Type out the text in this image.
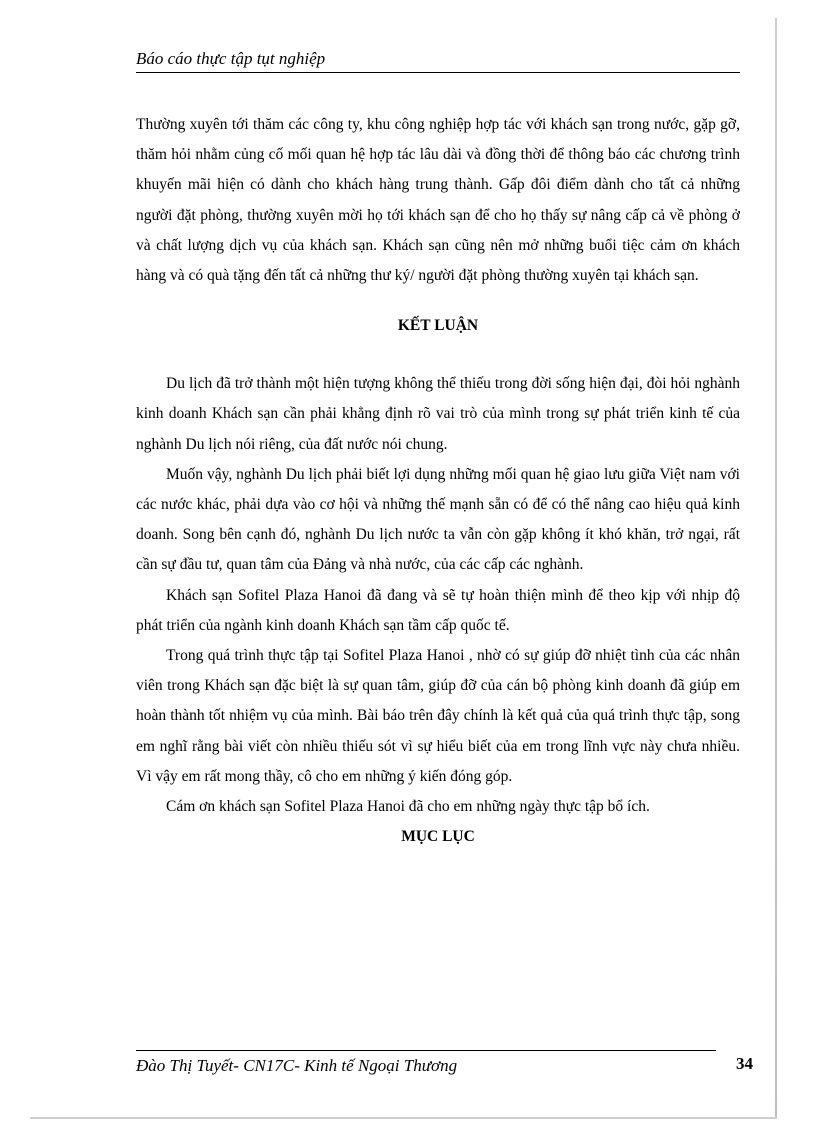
Báo cáo thực tập tụt nghiệp

Thường xuyên tới thăm các công ty, khu công nghiệp hợp tác với khách sạn trong nước, gặp gỡ, thăm hỏi nhằm củng cố mối quan hệ hợp tác lâu dài và đồng thời để thông báo các chương trình khuyến mãi hiện có dành cho khách hàng trung thành. Gấp đôi điểm dành cho tất cả những người đặt phòng, thường xuyên mời họ tới khách sạn để cho họ thấy sự nâng cấp cả về phòng ở và chất lượng dịch vụ của khách sạn. Khách sạn cũng nên mở những buổi tiệc cảm ơn khách hàng và có quà tặng đến tất cả những thư ký/ người đặt phòng thường xuyên tại khách sạn.

KẾT LUẬN

Du lịch đã trở thành một hiện tượng không thể thiếu trong đời sống hiện đại, đòi hỏi nghành kinh doanh Khách sạn cần phải khẳng định rõ vai trò của mình trong sự phát triển kinh tế của nghành Du lịch nói riêng, của đất nước nói chung.

Muốn vậy, nghành Du lịch phải biết lợi dụng những mối quan hệ giao lưu giữa Việt nam với các nước khác, phải dựa vào cơ hội và những thế mạnh sẵn có để có thể nâng cao hiệu quả kinh doanh. Song bên cạnh đó, nghành Du lịch nước ta vẫn còn gặp không ít khó khăn, trở ngại, rất cần sự đầu tư, quan tâm của Đảng và nhà nước, của các cấp các nghành.

Khách sạn Sofitel Plaza Hanoi đã đang và sẽ tự hoàn thiện mình để theo kịp với nhịp độ phát triển của ngành kinh doanh Khách sạn tầm cấp quốc tế.

Trong quá trình thực tập tại Sofitel Plaza Hanoi , nhờ có sự giúp đỡ nhiệt tình của các nhân viên trong Khách sạn đặc biệt là sự quan tâm, giúp đỡ của cán bộ phòng kinh doanh đã giúp em hoàn thành tốt nhiệm vụ của mình. Bài báo trên đây chính là kết quả của quá trình thực tập, song em nghĩ rằng bài viết còn nhiều thiếu sót vì sự hiểu biết của em trong lĩnh vực này chưa nhiều. Vì vậy em rất mong thầy, cô cho em những ý kiến đóng góp.

Cám ơn khách sạn Sofitel Plaza Hanoi đã cho em những ngày thực tập bổ ích.

MỤC LỤC
Đào Thị Tuyết- CN17C- Kinh tế Ngoại Thương	34
